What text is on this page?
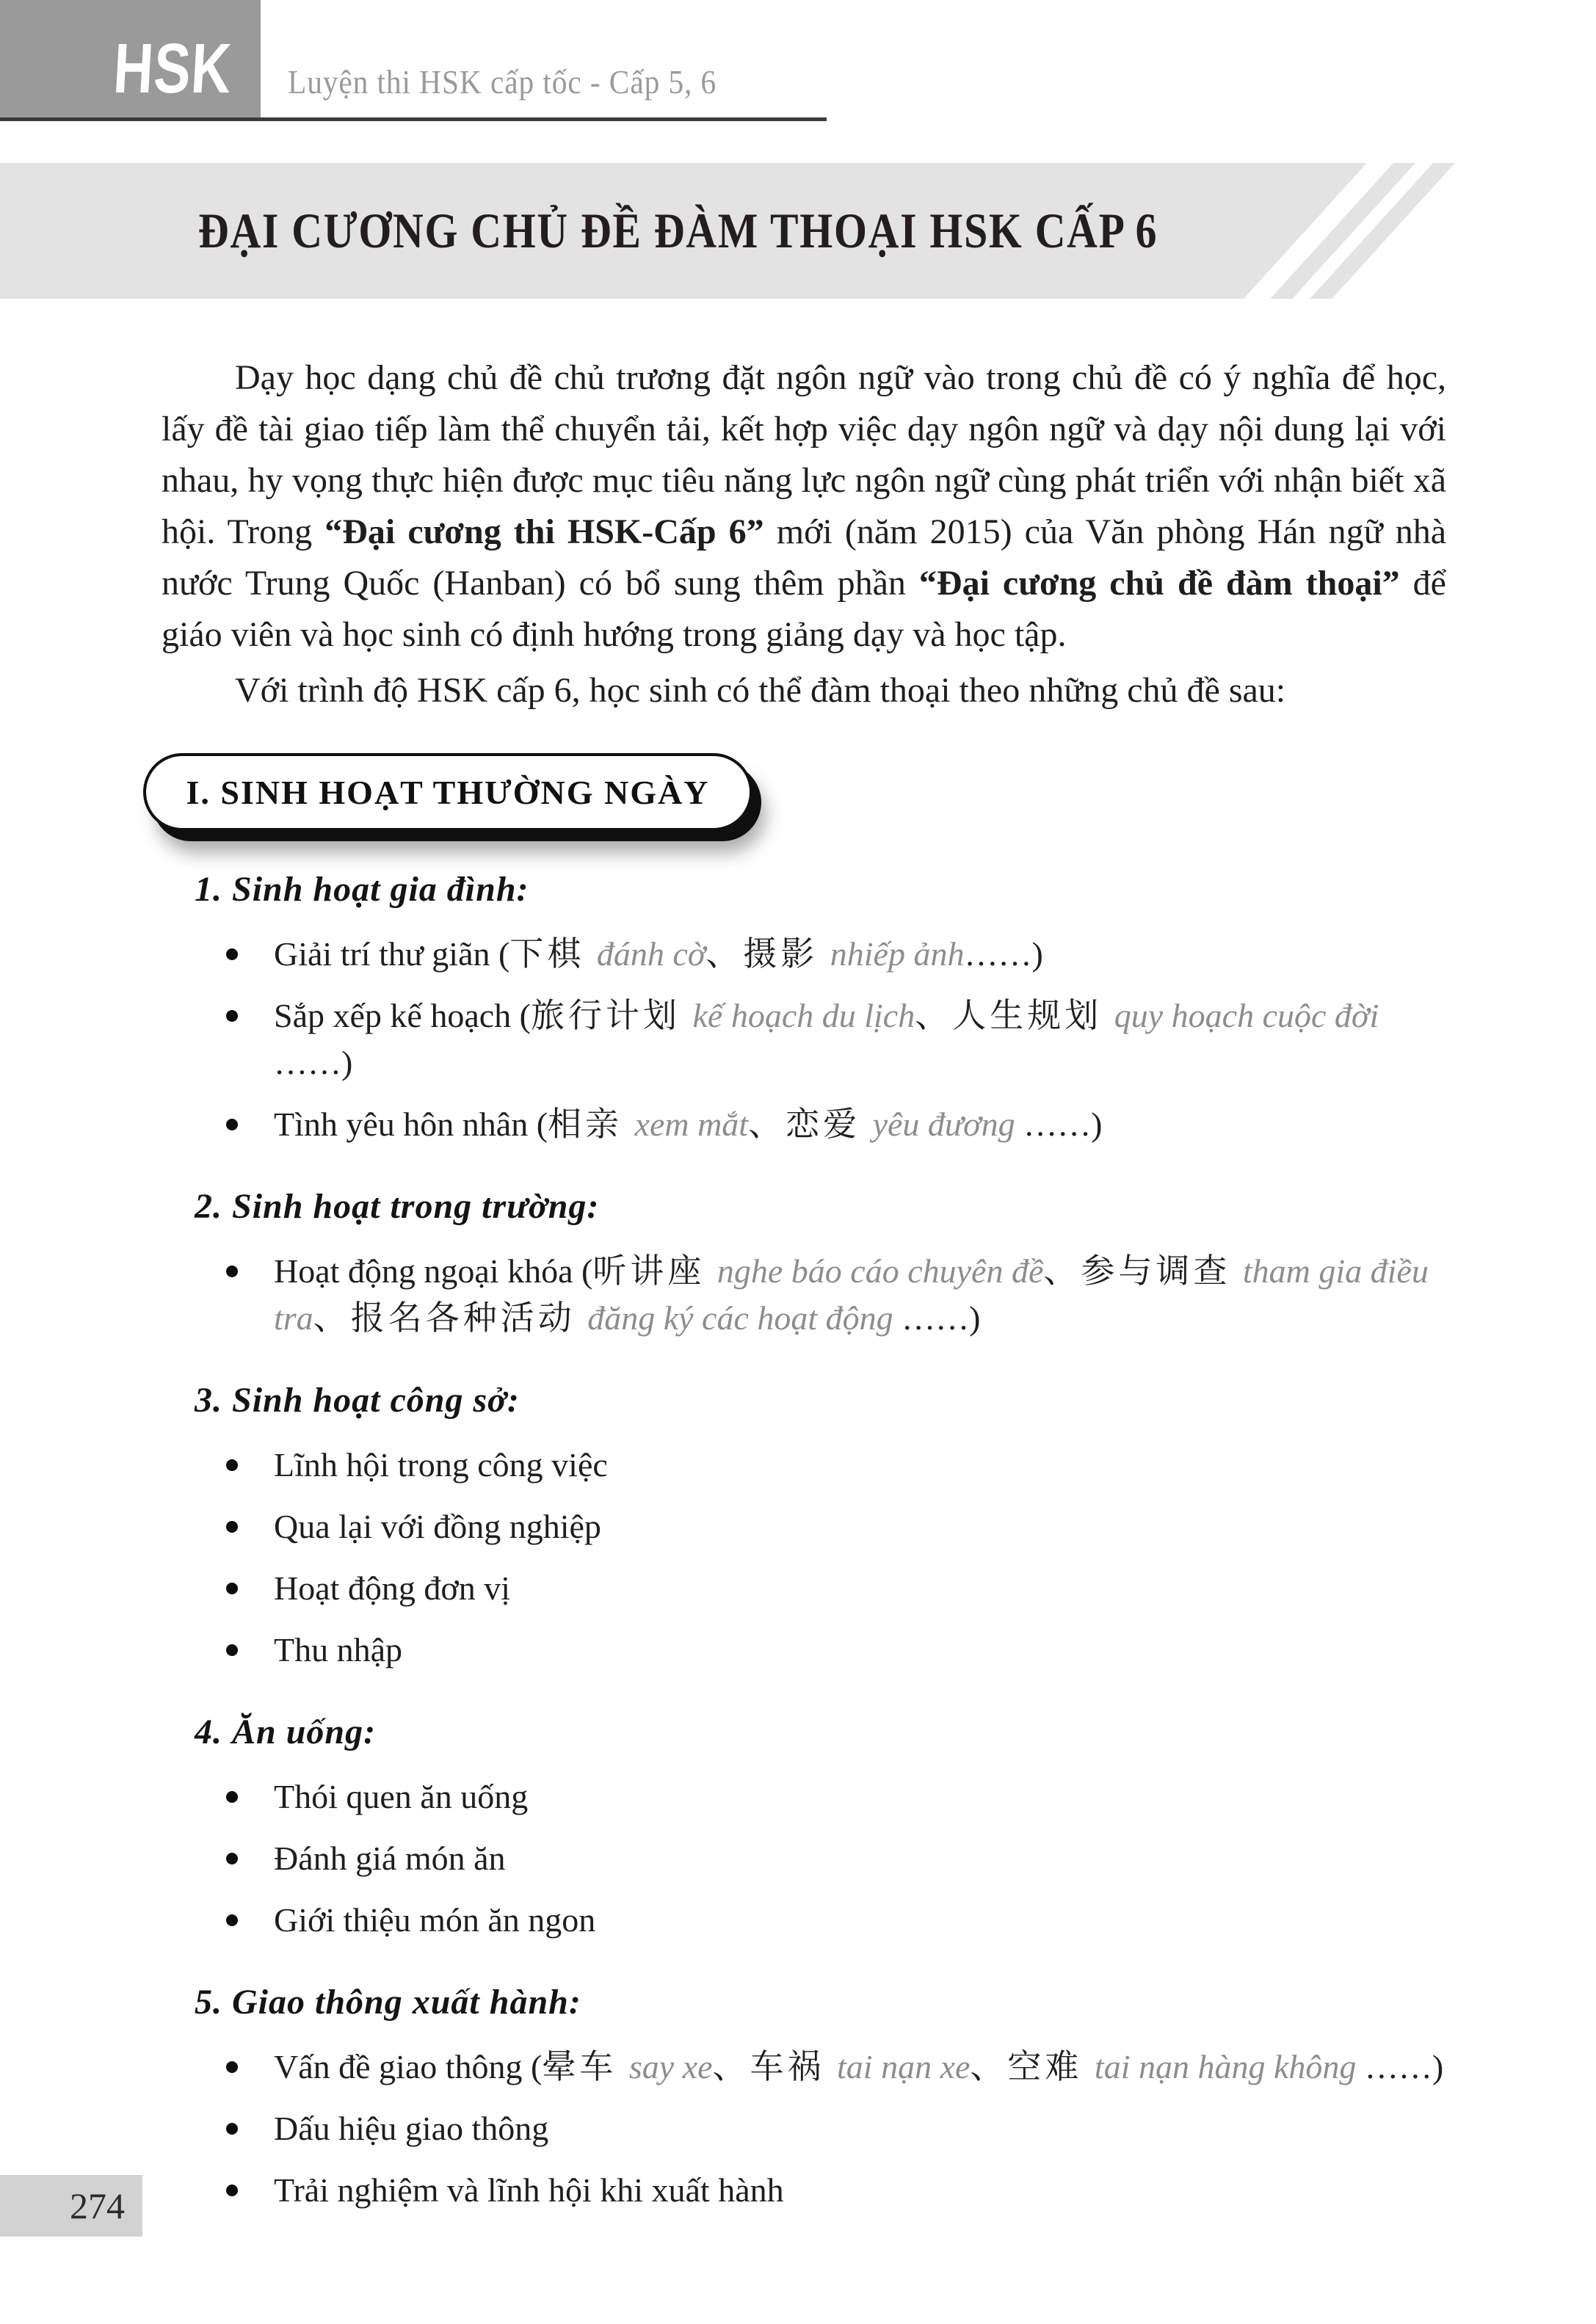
HSK Luyện thi HSK cấp tốc - Cấp 5, 6
ĐẠI CƯƠNG CHỦ ĐỀ ĐÀM THOẠI HSK CẤP 6

Dạy học dạng chủ đề chủ trương đặt ngôn ngữ vào trong chủ đề có ý nghĩa để học, lấy đề tài giao tiếp làm thể chuyển tải, kết hợp việc dạy ngôn ngữ và dạy nội dung lại với nhau, hy vọng thực hiện được mục tiêu năng lực ngôn ngữ cùng phát triển với nhận biết xã hội. Trong “Đại cương thi HSK-Cấp 6” mới (năm 2015) của Văn phòng Hán ngữ nhà nước Trung Quốc (Hanban) có bổ sung thêm phần “Đại cương chủ đề đàm thoại” để giáo viên và học sinh có định hướng trong giảng dạy và học tập.

Với trình độ HSK cấp 6, học sinh có thể đàm thoại theo những chủ đề sau:

I. SINH HOẠT THƯỜNG NGÀY
1. Sinh hoạt gia đình:
Giải trí thư giãn (下棋 đánh cờ、摄影 nhiếp ảnh……)
Sắp xếp kế hoạch (旅行计划 kế hoạch du lịch、人生规划 quy hoạch cuộc đời ……)
Tình yêu hôn nhân (相亲 xem mắt、恋爱 yêu đương ……)
2. Sinh hoạt trong trường:
Hoạt động ngoại khóa (听讲座 nghe báo cáo chuyên đề、参与调查 tham gia điều tra、报名各种活动 đăng ký các hoạt động ……)
3. Sinh hoạt công sở:
Lĩnh hội trong công việc
Qua lại với đồng nghiệp
Hoạt động đơn vị
Thu nhập
4. Ăn uống:
Thói quen ăn uống
Đánh giá món ăn
Giới thiệu món ăn ngon
5. Giao thông xuất hành:
Vấn đề giao thông (晕车 say xe、车祸 tai nạn xe、空难 tai nạn hàng không ……)
Dấu hiệu giao thông
Trải nghiệm và lĩnh hội khi xuất hành
274
